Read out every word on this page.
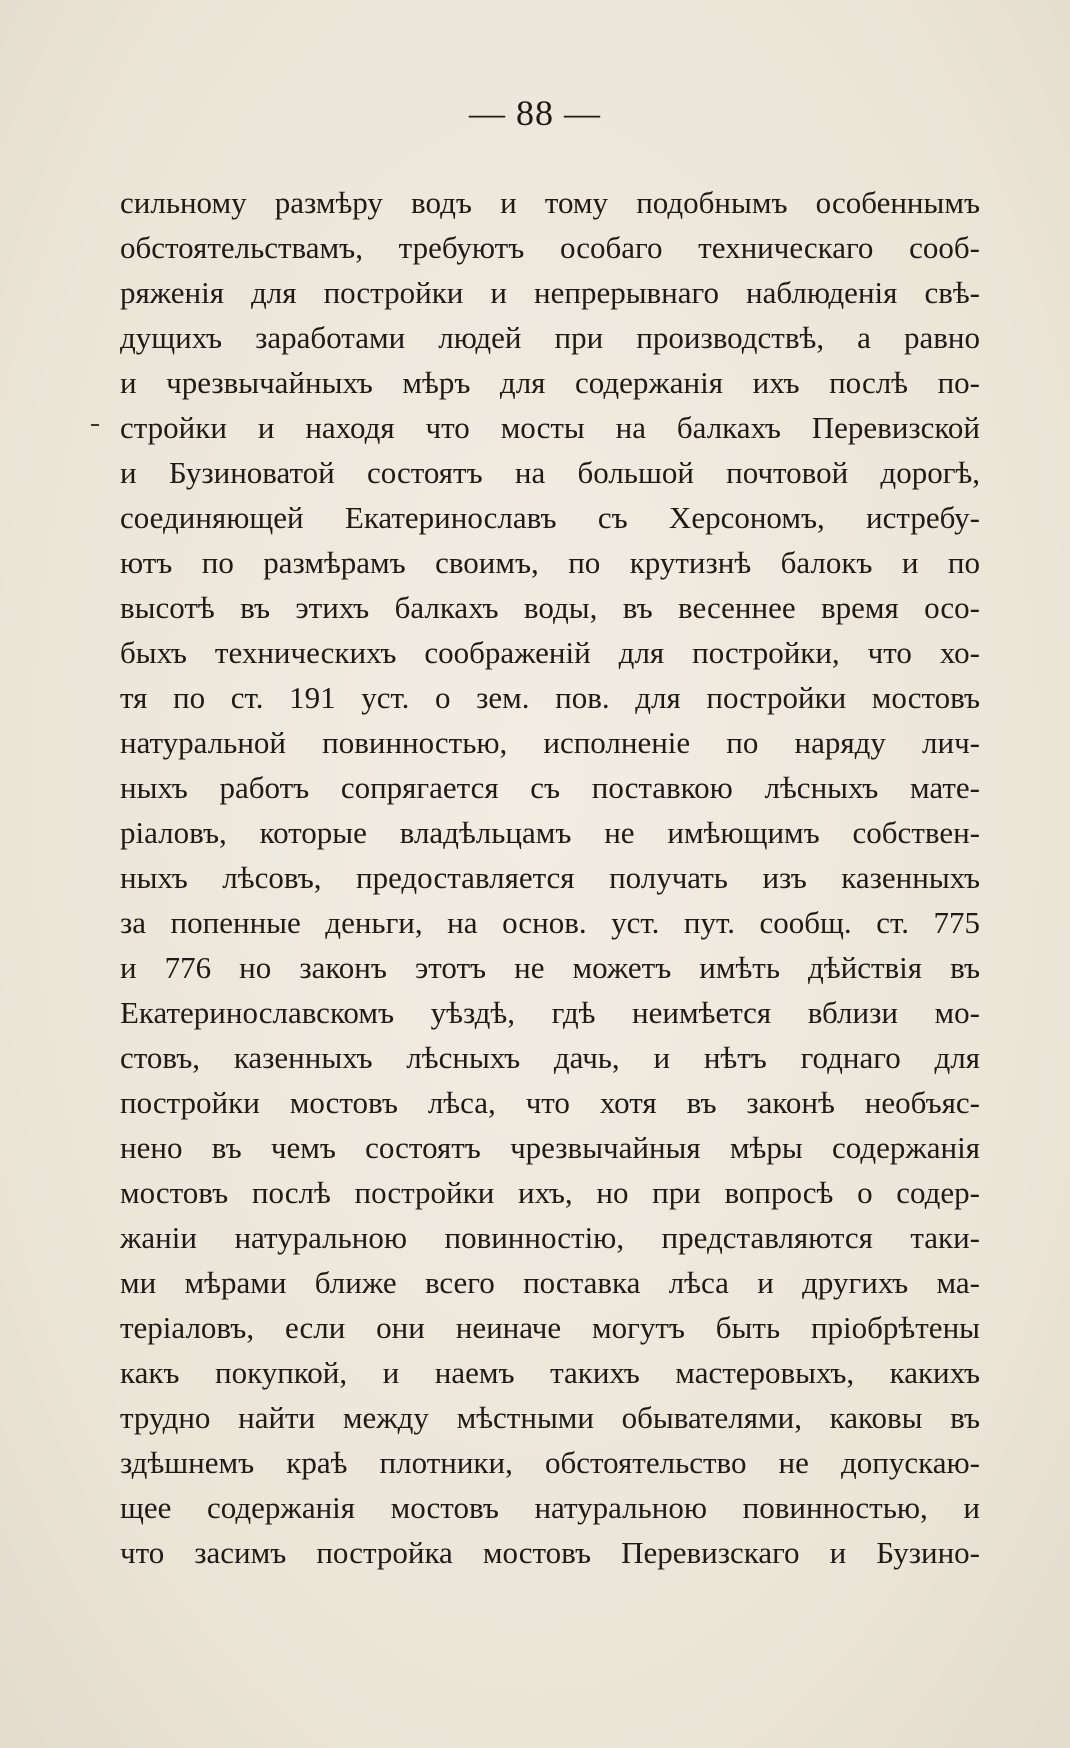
— 88 —
сильному размѣру водъ и тому подобнымъ особеннымъ
обстоятельствамъ, требуютъ особаго техническаго сооб-
ряженія для постройки и непрерывнаго наблюденія свѣ-
дущихъ заработами людей при производствѣ, а равно
и чрезвычайныхъ мѣръ для содержанія ихъ послѣ по-
стройки и находя что мосты на балкахъ Перевизской
и Бузиноватой состоятъ на большой почтовой дорогѣ,
соединяющей Екатеринославъ съ Херсономъ, истребу-
ютъ по размѣрамъ своимъ, по крутизнѣ балокъ и по
высотѣ въ этихъ балкахъ воды, въ весеннее время осо-
быхъ техническихъ соображеній для постройки, что хо-
тя по ст. 191 уст. о зем. пов. для постройки мостовъ
натуральной повинностью, исполненіе по наряду лич-
ныхъ работъ сопрягается съ поставкою лѣсныхъ мате-
ріаловъ, которые владѣльцамъ не имѣющимъ собствен-
ныхъ лѣсовъ, предоставляется получать изъ казенныхъ
за попенные деньги, на основ. уст. пут. сообщ. ст. 775
и 776 но законъ этотъ не можетъ имѣть дѣйствія въ
Екатеринославскомъ уѣздѣ, гдѣ неимѣется вблизи мо-
стовъ, казенныхъ лѣсныхъ дачь, и нѣтъ годнаго для
постройки мостовъ лѣса, что хотя въ законѣ необъяс-
нено въ чемъ состоятъ чрезвычайныя мѣры содержанія
мостовъ послѣ постройки ихъ, но при вопросѣ о содер-
жаніи натуральною повинностію, представляются таки-
ми мѣрами ближе всего поставка лѣса и другихъ ма-
теріаловъ, если они неиначе могутъ быть пріобрѣтены
какъ покупкой, и наемъ такихъ мастеровыхъ, какихъ
трудно найти между мѣстными обывателями, каковы въ
здѣшнемъ краѣ плотники, обстоятельство не допускаю-
щее содержанія мостовъ натуральною повинностью, и
что засимъ постройка мостовъ Перевизскаго и Бузино-
